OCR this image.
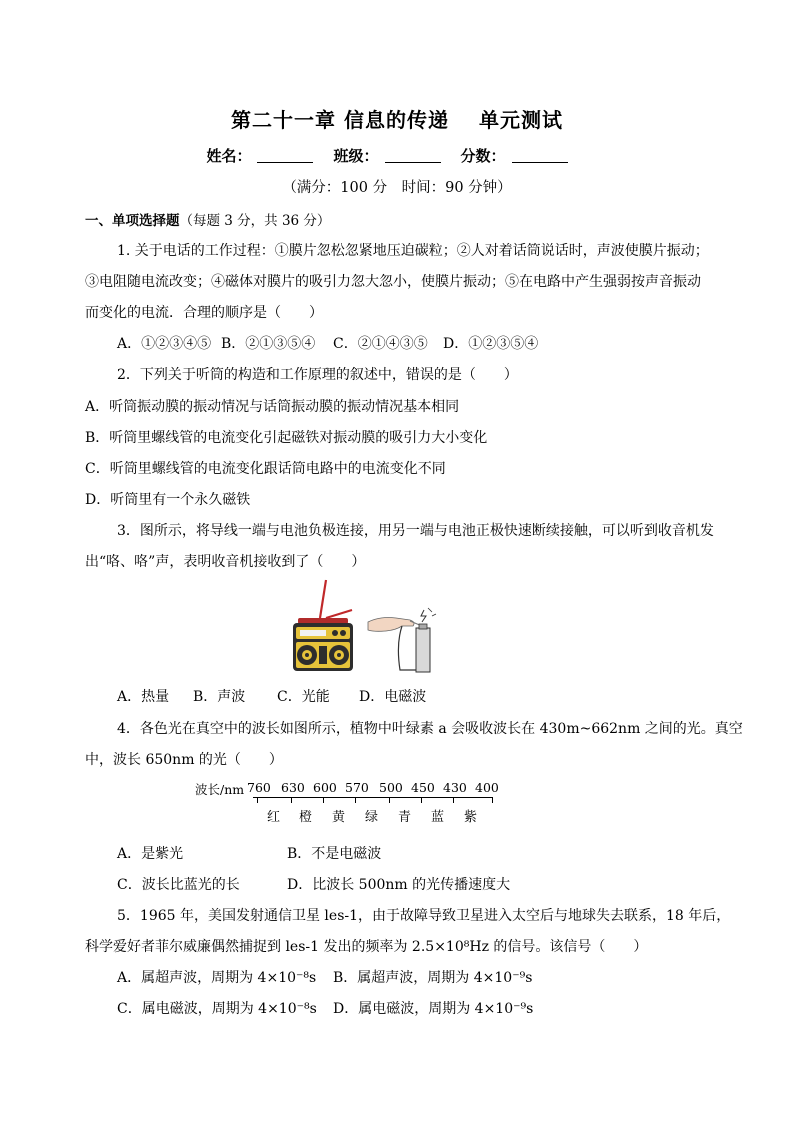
第二十一章 信息的传递 单元测试
姓名：	班级：	分数：
（满分：100 分　时间：90 分钟）
一、单项选择题（每题 3 分，共 36 分）
1. 关于电话的工作过程：①膜片忽松忽紧地压迫碳粒；②人对着话筒说话时，声波使膜片振动；
③电阻随电流改变；④磁体对膜片的吸引力忽大忽小，使膜片振动；⑤在电路中产生强弱按声音振动
而变化的电流．合理的顺序是（　　）
A．①②③④⑤ B．②①③⑤④ C．②①④③⑤ D．①②③⑤④
2．下列关于听筒的构造和工作原理的叙述中，错误的是（　　）
A．听筒振动膜的振动情况与话筒振动膜的振动情况基本相同
B．听筒里螺线管的电流变化引起磁铁对振动膜的吸引力大小变化
C．听筒里螺线管的电流变化跟话筒电路中的电流变化不同
D．听筒里有一个永久磁铁
3．图所示，将导线一端与电池负极连接，用另一端与电池正极快速断续接触，可以听到收音机发
出“咯、咯”声，表明收音机接收到了（　　）
A．热量 B．声波 C．光能 D．电磁波
4．各色光在真空中的波长如图所示，植物中叶绿素 a 会吸收波长在 430m~662nm 之间的光。真空
中，波长 650nm 的光（　　）
波长/nm 760 630 600 570 500 450 430 400
红 橙 黄 绿 青 蓝 紫
A．是紫光	B．不是电磁波
C．波长比蓝光的长	D．比波长 500nm 的光传播速度大
5．1965 年，美国发射通信卫星 les-1，由于故障导致卫星进入太空后与地球失去联系，18 年后，
科学爱好者菲尔威廉偶然捕捉到 les-1 发出的频率为 2.5×10⁸Hz 的信号。该信号（　　）
A．属超声波，周期为 4×10⁻⁸s B．属超声波，周期为 4×10⁻⁹s
C．属电磁波，周期为 4×10⁻⁸s D．属电磁波，周期为 4×10⁻⁹s
